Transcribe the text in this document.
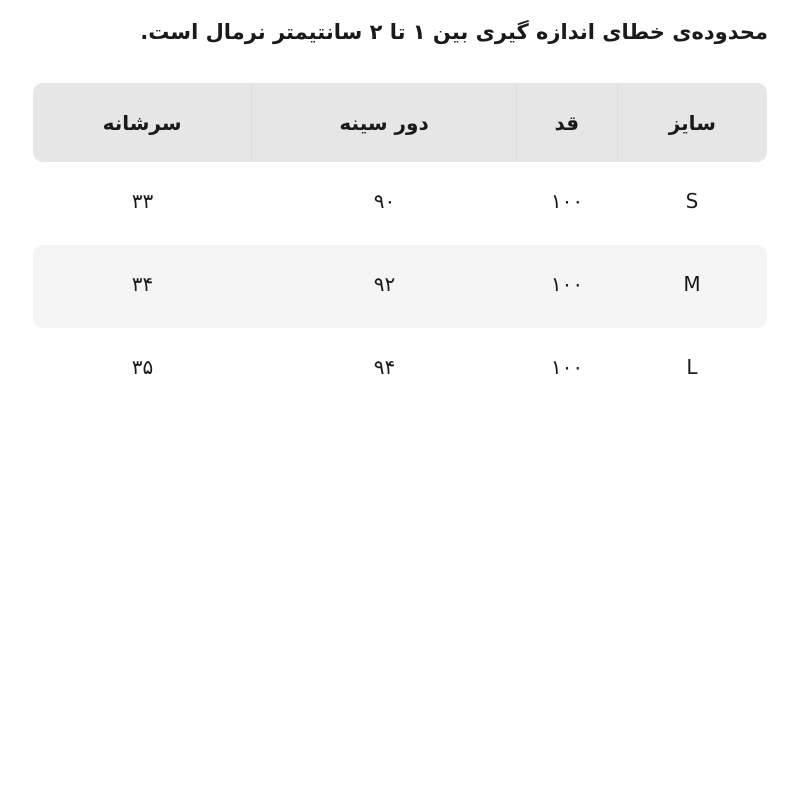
محدوده‌ی خطای اندازه گیری بین ۱ تا ۲ سانتیمتر نرمال است.
سایز
قد
دور سینه
سرشانه
S
۱۰۰
۹۰
۳۳
M
۱۰۰
۹۲
۳۴
L
۱۰۰
۹۴
۳۵
